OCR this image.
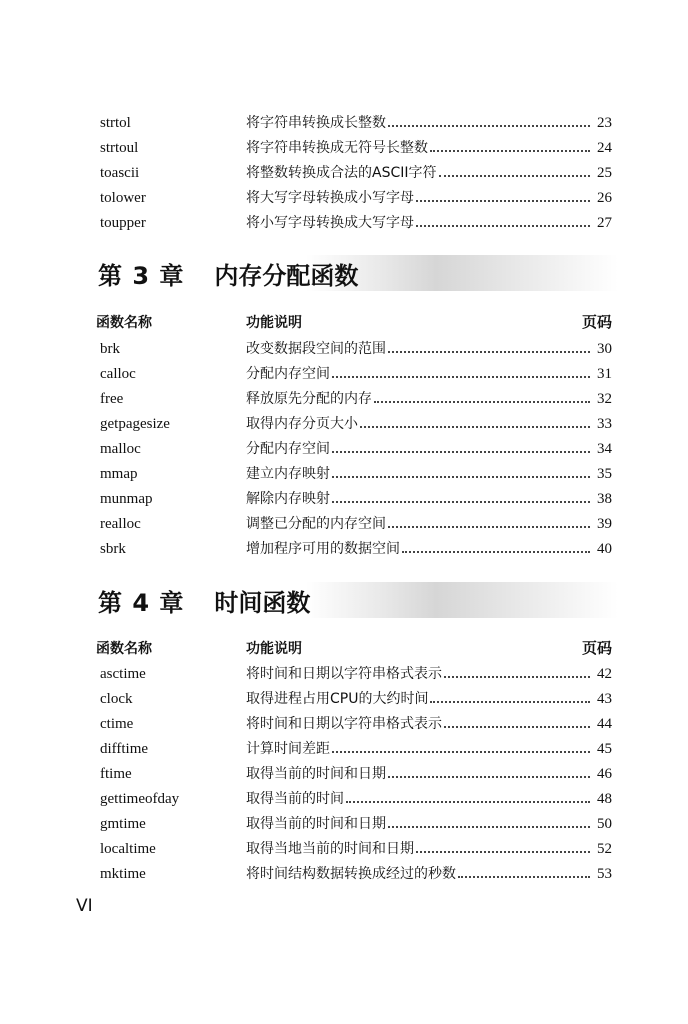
strtol	将字符串转换成长整数	23
strtoul	将字符串转换成无符号长整数	24
toascii	将整数转换成合法的ASCII字符	25
tolower	将大写字母转换成小写字母	26
toupper	将小写字母转换成大写字母	27
第 3 章 内存分配函数
函数名称	功能说明	页码
brk	改变数据段空间的范围	30
calloc	分配内存空间	31
free	释放原先分配的内存	32
getpagesize	取得内存分页大小	33
malloc	分配内存空间	34
mmap	建立内存映射	35
munmap	解除内存映射	38
realloc	调整已分配的内存空间	39
sbrk	增加程序可用的数据空间	40
第 4 章 时间函数
函数名称	功能说明	页码
asctime	将时间和日期以字符串格式表示	42
clock	取得进程占用CPU的大约时间	43
ctime	将时间和日期以字符串格式表示	44
difftime	计算时间差距	45
ftime	取得当前的时间和日期	46
gettimeofday	取得当前的时间	48
gmtime	取得当前的时间和日期	50
localtime	取得当地当前的时间和日期	52
mktime	将时间结构数据转换成经过的秒数	53
VI
